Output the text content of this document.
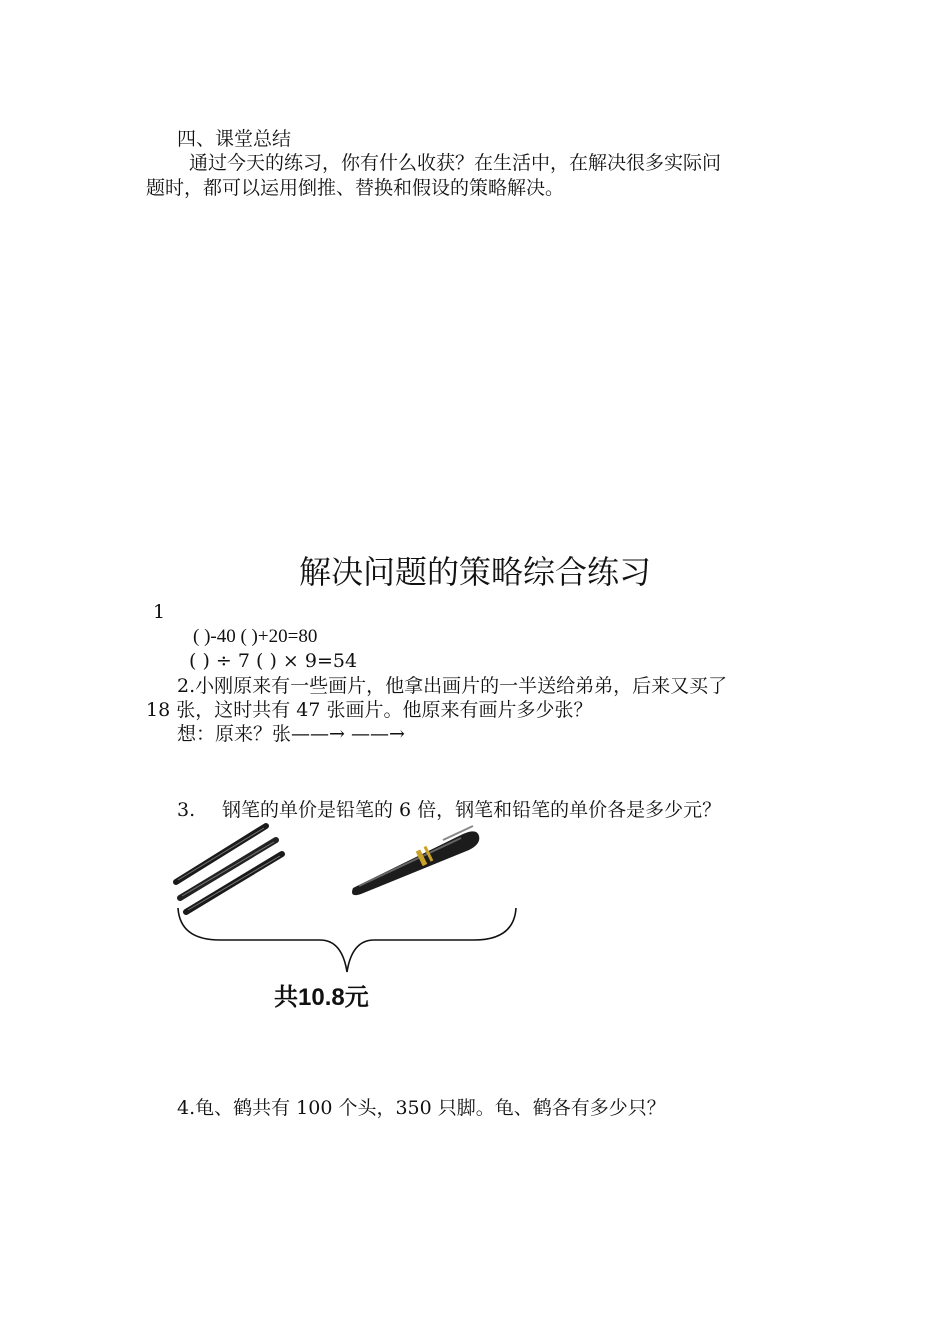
四、课堂总结
通过今天的练习，你有什么收获？在生活中，在解决很多实际问
题时，都可以运用倒推、替换和假设的策略解决。
解决问题的策略综合练习
1
( )-40 ( )+20=80
( ) ÷ 7 ( ) × 9=54
2.小刚原来有一些画片，他拿出画片的一半送给弟弟，后来又买了
18 张，这时共有 47 张画片。他原来有画片多少张？
想：原来？张——→ ——→
3. 钢笔的单价是铅笔的 6 倍，钢笔和铅笔的单价各是多少元？
共10.8元
4.龟、鹤共有 100 个头，350 只脚。龟、鹤各有多少只？
